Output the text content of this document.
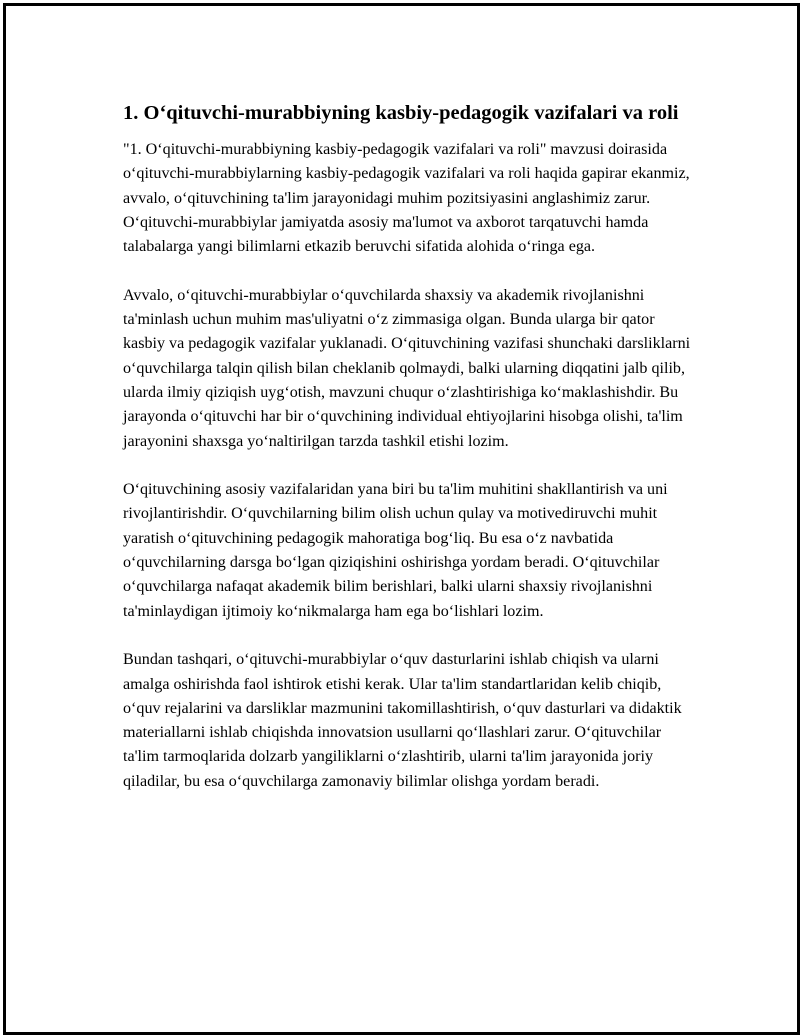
1. O‘qituvchi-murabbiyning kasbiy-pedagogik vazifalari va roli

"1. O‘qituvchi-murabbiyning kasbiy-pedagogik vazifalari va roli" mavzusi doirasida o‘qituvchi-murabbiylarning kasbiy-pedagogik vazifalari va roli haqida gapirar ekanmiz, avvalo, o‘qituvchining ta'lim jarayonidagi muhim pozitsiyasini anglashimiz zarur. O‘qituvchi-murabbiylar jamiyatda asosiy ma'lumot va axborot tarqatuvchi hamda talabalarga yangi bilimlarni etkazib beruvchi sifatida alohida o‘ringa ega.

Avvalo, o‘qituvchi-murabbiylar o‘quvchilarda shaxsiy va akademik rivojlanishni ta'minlash uchun muhim mas'uliyatni o‘z zimmasiga olgan. Bunda ularga bir qator kasbiy va pedagogik vazifalar yuklanadi. O‘qituvchining vazifasi shunchaki darsliklarni o‘quvchilarga talqin qilish bilan cheklanib qolmaydi, balki ularning diqqatini jalb qilib, ularda ilmiy qiziqish uyg‘otish, mavzuni chuqur o‘zlashtirishiga ko‘maklashishdir. Bu jarayonda o‘qituvchi har bir o‘quvchining individual ehtiyojlarini hisobga olishi, ta'lim jarayonini shaxsga yo‘naltirilgan tarzda tashkil etishi lozim.

O‘qituvchining asosiy vazifalaridan yana biri bu ta'lim muhitini shakllantirish va uni rivojlantirishdir. O‘quvchilarning bilim olish uchun qulay va motivediruvchi muhit yaratish o‘qituvchining pedagogik mahoratiga bog‘liq. Bu esa o‘z navbatida o‘quvchilarning darsga bo‘lgan qiziqishini oshirishga yordam beradi. O‘qituvchilar o‘quvchilarga nafaqat akademik bilim berishlari, balki ularni shaxsiy rivojlanishni ta'minlaydigan ijtimoiy ko‘nikmalarga ham ega bo‘lishlari lozim.

Bundan tashqari, o‘qituvchi-murabbiylar o‘quv dasturlarini ishlab chiqish va ularni amalga oshirishda faol ishtirok etishi kerak. Ular ta'lim standartlaridan kelib chiqib, o‘quv rejalarini va darsliklar mazmunini takomillashtirish, o‘quv dasturlari va didaktik materiallarni ishlab chiqishda innovatsion usullarni qo‘llashlari zarur. O‘qituvchilar ta'lim tarmoqlarida dolzarb yangiliklarni o‘zlashtirib, ularni ta'lim jarayonida joriy qiladilar, bu esa o‘quvchilarga zamonaviy bilimlar olishga yordam beradi.
